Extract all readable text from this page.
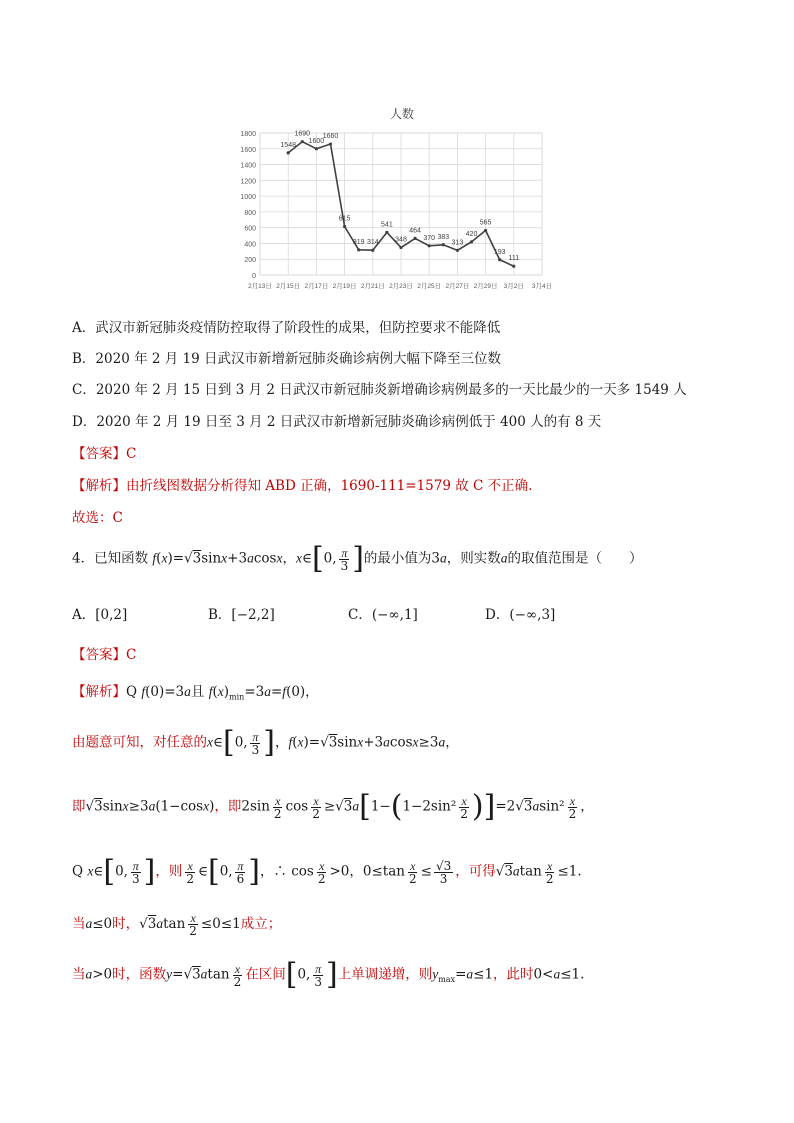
人数
0
200
400
600
800
1000
1200
1400
1600
1800
2月13日 2月15日 2月17日 2月19日 2月21日 2月23日 2月25日 2月27日 2月29日 3月2日 3月4日
1548
1690
1600
1660
615
319 314
541
348
464
370 383
313
420
565
193
111
A．武汉市新冠肺炎疫情防控取得了阶段性的成果，但防控要求不能降低
B．2020 年 2 月 19 日武汉市新增新冠肺炎确诊病例大幅下降至三位数
C．2020 年 2 月 15 日到 3 月 2 日武汉市新冠肺炎新增确诊病例最多的一天比最少的一天多 1549 人
D．2020 年 2 月 19 日至 3 月 2 日武汉市新增新冠肺炎确诊病例低于 400 人的有 8 天
【答案】C
【解析】由折线图数据分析得知 ABD 正确，1690-111=1579 故 C 不正确.
故选：C
4．已知函数 f(x)=√3sinx+3acosx，x∈[0, $\frac{\pi}{3}$ ]的最小值为3a，则实数a的取值范围是（　　）
A．[0,2]	B．[−2,2]	C．(−∞,1]	D．(−∞,3]
【答案】C
【解析】Q f(0)=3a且 $f(x)_{min}=3a=f(0)$，
由题意可知，对任意的x∈[0, $\frac{\pi}{3}$ ]，f(x)=√3sinx+3acosx≥3a，
即√3sinx≥3a(1−cosx)，即$2\sin \frac{x}{2}$ $\cos \frac{x}{2} \ge√3a[1-(1-2\sin^2 \frac{x}{2} )]=2√3asin^2 \frac{x}{2}$ ，
Q x∈[0, $\frac{\pi}{3}$ ]，则 $\frac{x}{2}$ ∈[0, $\frac{\pi}{6}$ ]，∴ $\cos \frac{x}{2} >0$，$0\le\tan \frac{x}{2} \le \frac{√3}{3}$ ，可得$√3atan \frac{x}{2} \le 1$.
当a≤0时，$√3atan \frac{x}{2} \le 0\le 1$成立；
当a>0时，函数$y=√3atan \frac{x}{2}$ 在区间[0, $\frac{\pi}{3}$ ]上单调递增，则$y_{max}=a\le 1$，此时0<a≤1.
